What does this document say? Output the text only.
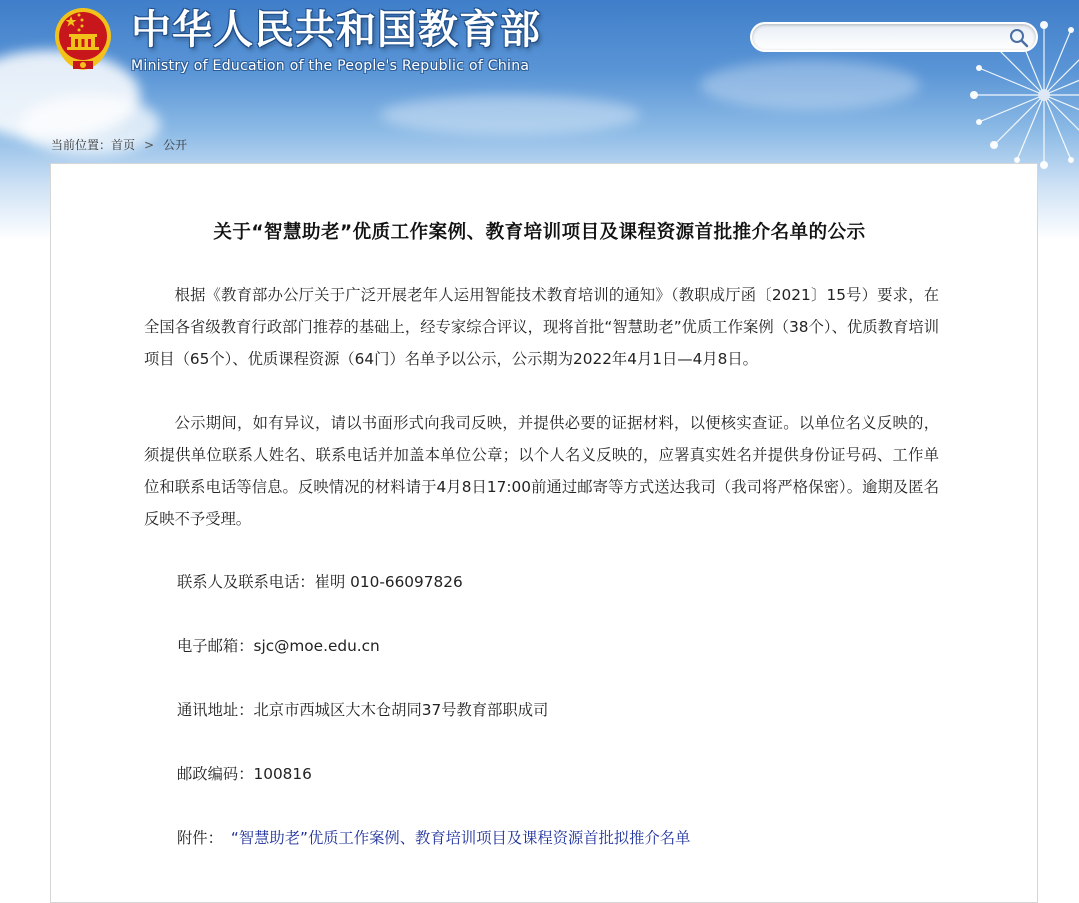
中华人民共和国教育部
Ministry of Education of the People's Republic of China
当前位置：首页 > 公开
关于“智慧助老”优质工作案例、教育培训项目及课程资源首批推介名单的公示

根据《教育部办公厅关于广泛开展老年人运用智能技术教育培训的通知》（教职成厅函〔2021〕15号）要求，在全国各省级教育行政部门推荐的基础上，经专家综合评议，现将首批“智慧助老”优质工作案例（38个）、优质教育培训项目（65个）、优质课程资源（64门）名单予以公示，公示期为2022年4月1日—4月8日。

公示期间，如有异议，请以书面形式向我司反映，并提供必要的证据材料，以便核实查证。以单位名义反映的，须提供单位联系人姓名、联系电话并加盖本单位公章；以个人名义反映的，应署真实姓名并提供身份证号码、工作单位和联系电话等信息。反映情况的材料请于4月8日17:00前通过邮寄等方式送达我司（我司将严格保密）。逾期及匿名反映不予受理。

联系人及联系电话：崔明 010-66097826
电子邮箱：sjc@moe.edu.cn
通讯地址：北京市西城区大木仓胡同37号教育部职成司
邮政编码：100816
附件： “智慧助老”优质工作案例、教育培训项目及课程资源首批拟推介名单
